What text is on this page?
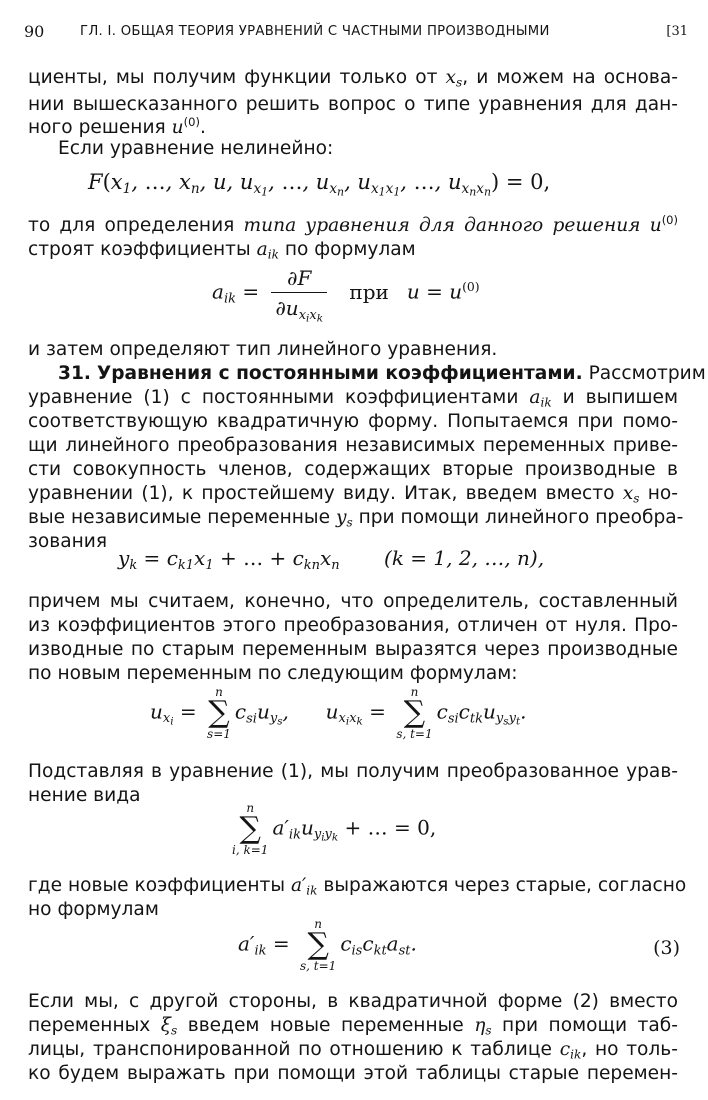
90	ГЛ. I. ОБЩАЯ ТЕОРИЯ УРАВНЕНИЙ С ЧАСТНЫМИ ПРОИЗВОДНЫМИ	[31
циенты, мы получим функции только от $x_s$, и можем на основа-
нии вышесказанного решить вопрос о типе уравнения для дан-
ного решения $u^{(0)}$.
Если уравнение нелинейно:
$F(x_1$, …, $x_n$, u, $u_{x_1}$, …, $u_{x_n}$, $u_{x_1x_1}$, …, $u_{x_nx_n}) = 0$,
то для определения типа уравнения для данного решения $u^{(0)}$
строят коэффициенты $a_{ik}$ по формулам
$a_{ik} = \frac{\partial F}{\partial u_{x_ix_k}}$ при $u = u^{(0)}$
и затем определяют тип линейного уравнения.
31. Уравнения с постоянными коэффициентами. Рассмотрим
уравнение (1) с постоянными коэффициентами $a_{ik}$ и выпишем
соответствующую квадратичную форму. Попытаемся при помо-
щи линейного преобразования независимых переменных приве-
сти совокупность членов, содержащих вторые производные в
уравнении (1), к простейшему виду. Итак, введем вместо $x_s$ но-
вые независимые переменные $y_s$ при помощи линейного преобра-
зования
$y_k = c_{k1}x_1$ + … + $c_{kn}x_n$ (k = 1, 2, …, n),
причем мы считаем, конечно, что определитель, составленный
из коэффициентов этого преобразования, отличен от нуля. Про-
изводные по старым переменным выразятся через производные
по новым переменным по следующим формулам:
$u_{x_i}$ =
n
∑
s=1
$c_{si}u_{y_s}$,  $u_{x_ix_k}$ =
n
∑
s, t=1
$c_{si}c_{tk}u_{y_sy_t}$.
Подставляя в уравнение (1), мы получим преобразованное урав-
нение вида
n
∑
i, k=1
$a'_{ik}u_{y_iy_k}$ + … = 0,
где новые коэффициенты $a'_{ik}$ выражаются через старые, согласно
но формулам
$a'_{ik}$ =
n
∑
s, t=1
$c_{is}c_{kt}a_{st}$.	(3)
Если мы, с другой стороны, в квадратичной форме (2) вместо
переменных $\xi_s$ введем новые переменные $\eta_s$ при помощи таб-
лицы, транспонированной по отношению к таблице $c_{ik}$, но толь-
ко будем выражать при помощи этой таблицы старые перемен-
